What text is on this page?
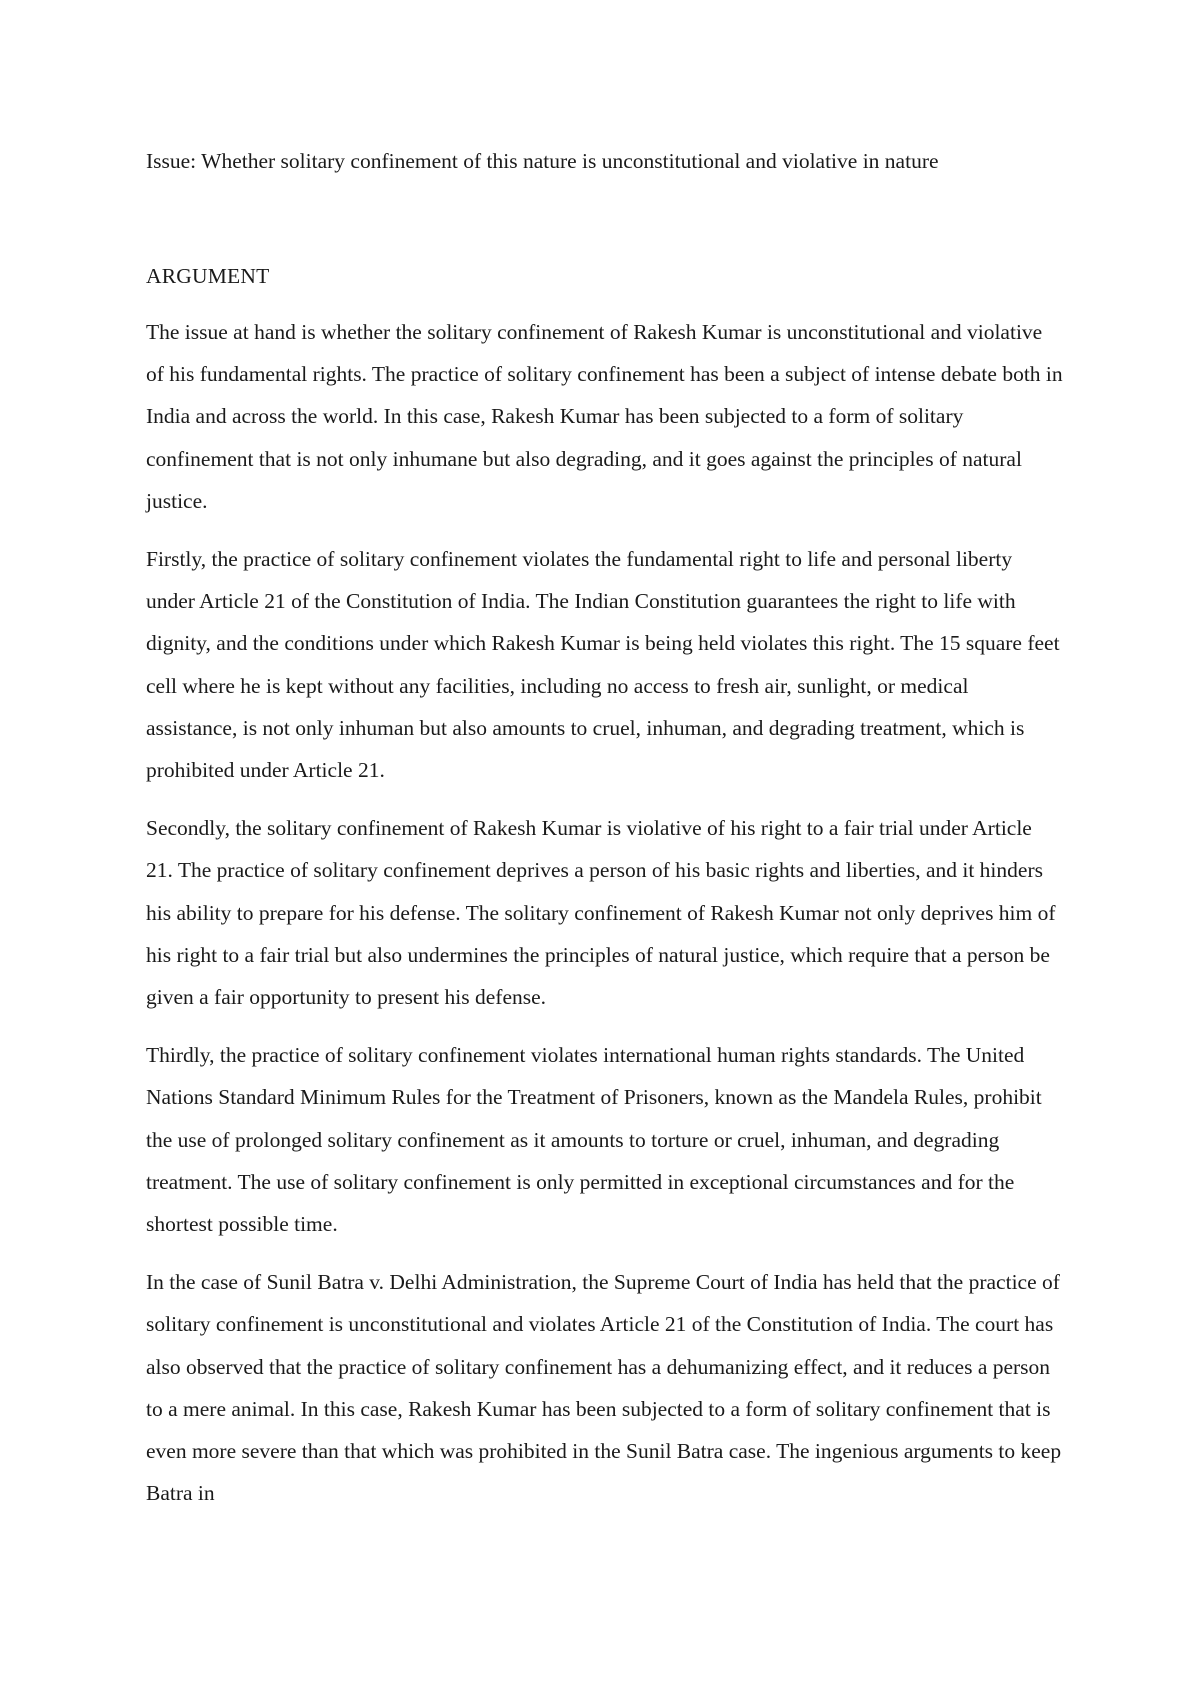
Issue: Whether solitary confinement of this nature is unconstitutional and violative in nature

ARGUMENT

The issue at hand is whether the solitary confinement of Rakesh Kumar is unconstitutional and violative of his fundamental rights. The practice of solitary confinement has been a subject of intense debate both in India and across the world. In this case, Rakesh Kumar has been subjected to a form of solitary confinement that is not only inhumane but also degrading, and it goes against the principles of natural justice.

Firstly, the practice of solitary confinement violates the fundamental right to life and personal liberty under Article 21 of the Constitution of India. The Indian Constitution guarantees the right to life with dignity, and the conditions under which Rakesh Kumar is being held violates this right. The 15 square feet cell where he is kept without any facilities, including no access to fresh air, sunlight, or medical assistance, is not only inhuman but also amounts to cruel, inhuman, and degrading treatment, which is prohibited under Article 21.

Secondly, the solitary confinement of Rakesh Kumar is violative of his right to a fair trial under Article 21. The practice of solitary confinement deprives a person of his basic rights and liberties, and it hinders his ability to prepare for his defense. The solitary confinement of Rakesh Kumar not only deprives him of his right to a fair trial but also undermines the principles of natural justice, which require that a person be given a fair opportunity to present his defense.

Thirdly, the practice of solitary confinement violates international human rights standards. The United Nations Standard Minimum Rules for the Treatment of Prisoners, known as the Mandela Rules, prohibit the use of prolonged solitary confinement as it amounts to torture or cruel, inhuman, and degrading treatment. The use of solitary confinement is only permitted in exceptional circumstances and for the shortest possible time.

In the case of Sunil Batra v. Delhi Administration, the Supreme Court of India has held that the practice of solitary confinement is unconstitutional and violates Article 21 of the Constitution of India. The court has also observed that the practice of solitary confinement has a dehumanizing effect, and it reduces a person to a mere animal. In this case, Rakesh Kumar has been subjected to a form of solitary confinement that is even more severe than that which was prohibited in the Sunil Batra case. The ingenious arguments to keep Batra in
